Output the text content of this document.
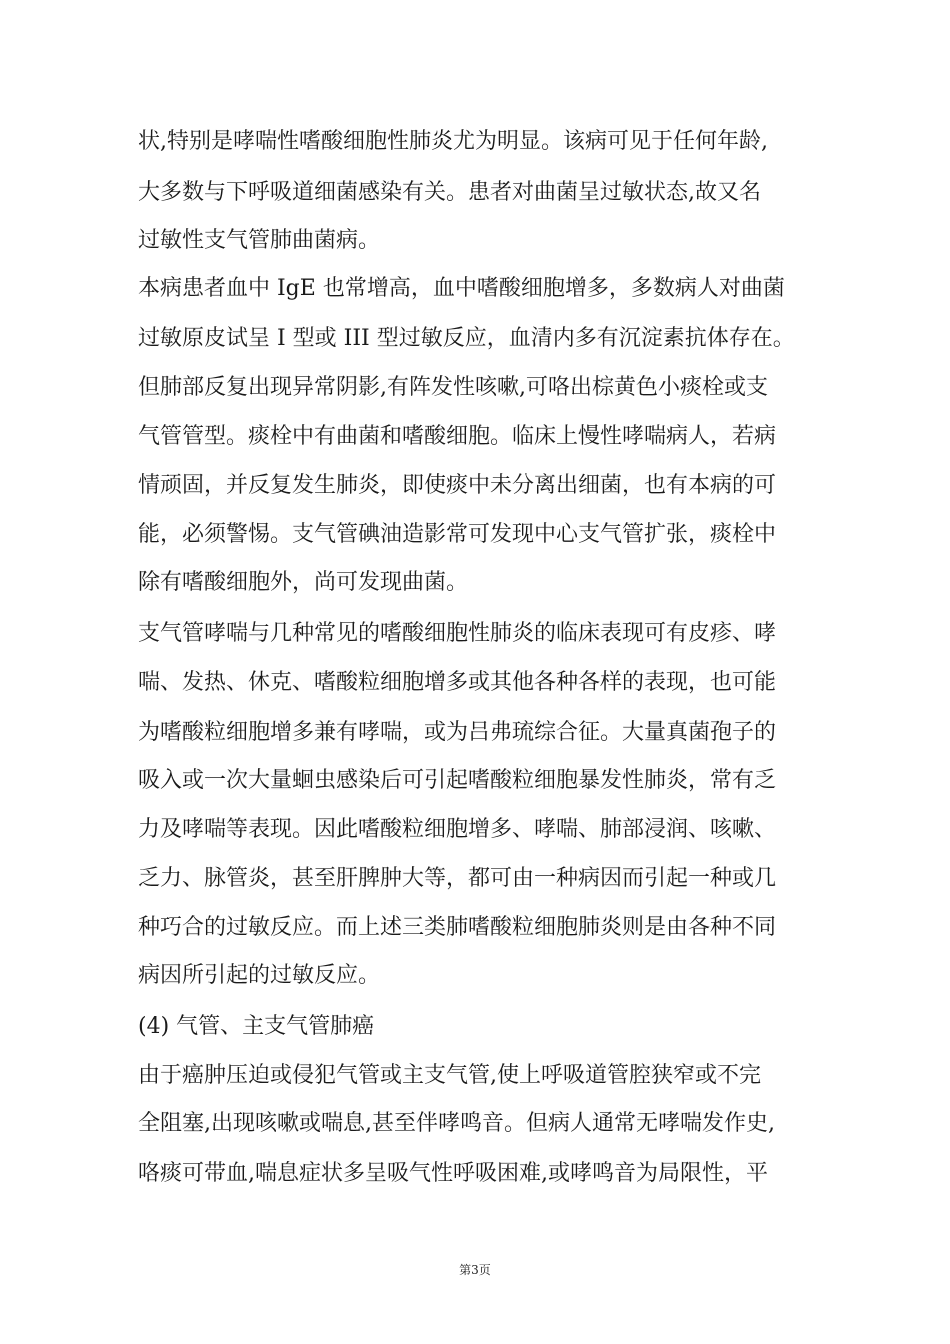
状,特别是哮喘性嗜酸细胞性肺炎尤为明显。该病可见于任何年龄,
大多数与下呼吸道细菌感染有关。患者对曲菌呈过敏状态,故又名
过敏性支气管肺曲菌病。
本病患者血中 IgE 也常增高，血中嗜酸细胞增多，多数病人对曲菌
过敏原皮试呈 I 型或 III 型过敏反应，血清内多有沉淀素抗体存在。
但肺部反复出现异常阴影,有阵发性咳嗽,可咯出棕黄色小痰栓或支
气管管型。痰栓中有曲菌和嗜酸细胞。临床上慢性哮喘病人，若病
情顽固，并反复发生肺炎，即使痰中未分离出细菌，也有本病的可
能，必须警惕。支气管碘油造影常可发现中心支气管扩张，痰栓中
除有嗜酸细胞外，尚可发现曲菌。
支气管哮喘与几种常见的嗜酸细胞性肺炎的临床表现可有皮疹、哮
喘、发热、休克、嗜酸粒细胞增多或其他各种各样的表现，也可能
为嗜酸粒细胞增多兼有哮喘，或为吕弗琉综合征。大量真菌孢子的
吸入或一次大量蛔虫感染后可引起嗜酸粒细胞暴发性肺炎，常有乏
力及哮喘等表现。因此嗜酸粒细胞增多、哮喘、肺部浸润、咳嗽、
乏力、脉管炎，甚至肝脾肿大等，都可由一种病因而引起一种或几
种巧合的过敏反应。而上述三类肺嗜酸粒细胞肺炎则是由各种不同
病因所引起的过敏反应。
(4) 气管、主支气管肺癌
由于癌肿压迫或侵犯气管或主支气管,使上呼吸道管腔狭窄或不完
全阻塞,出现咳嗽或喘息,甚至伴哮鸣音。但病人通常无哮喘发作史,
咯痰可带血,喘息症状多呈吸气性呼吸困难,或哮鸣音为局限性，平
第3页
